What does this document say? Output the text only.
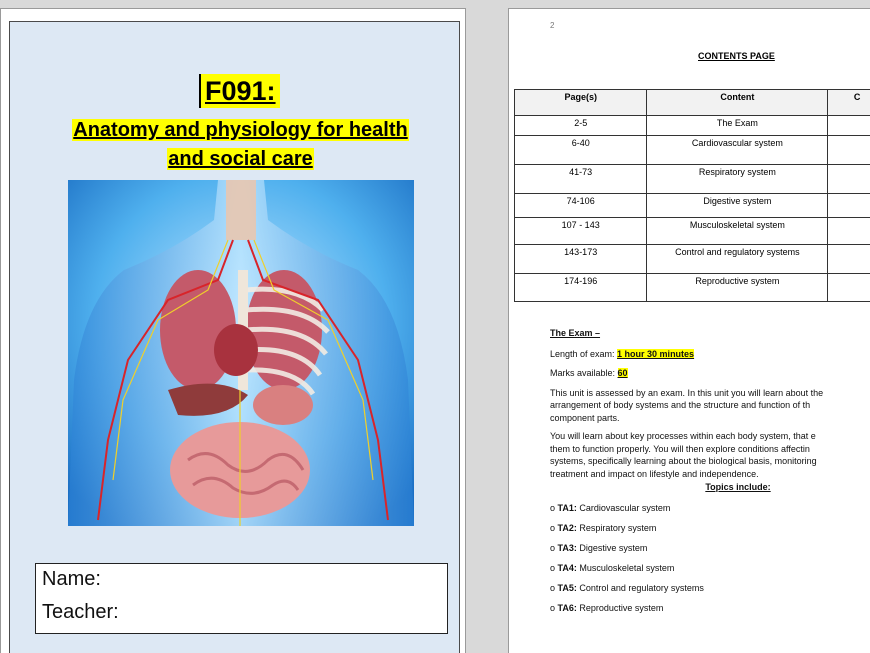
F091:
Anatomy and physiology for health
and social care
Name:
Teacher:
2
CONTENTS PAGE
Page(s)	Content	C
2-5	The Exam	
6-40	Cardiovascular system	
41-73	Respiratory system	
74-106	Digestive system	
107 - 143	Musculoskeletal system	
143-173	Control and regulatory systems	
174-196	Reproductive system	

The Exam –

Length of exam: 1 hour 30 minutes

Marks available: 60

This unit is assessed by an exam. In this unit you will learn about the
arrangement of body systems and the structure and function of th
component parts.

You will learn about key processes within each body system, that e
them to function properly. You will then explore conditions affectin
systems, specifically learning about the biological basis, monitoring
treatment and impact on lifestyle and independence.

Topics include:

o TA1: Cardiovascular system

o TA2: Respiratory system

o TA3: Digestive system

o TA4: Musculoskeletal system

o TA5: Control and regulatory systems

o TA6: Reproductive system
